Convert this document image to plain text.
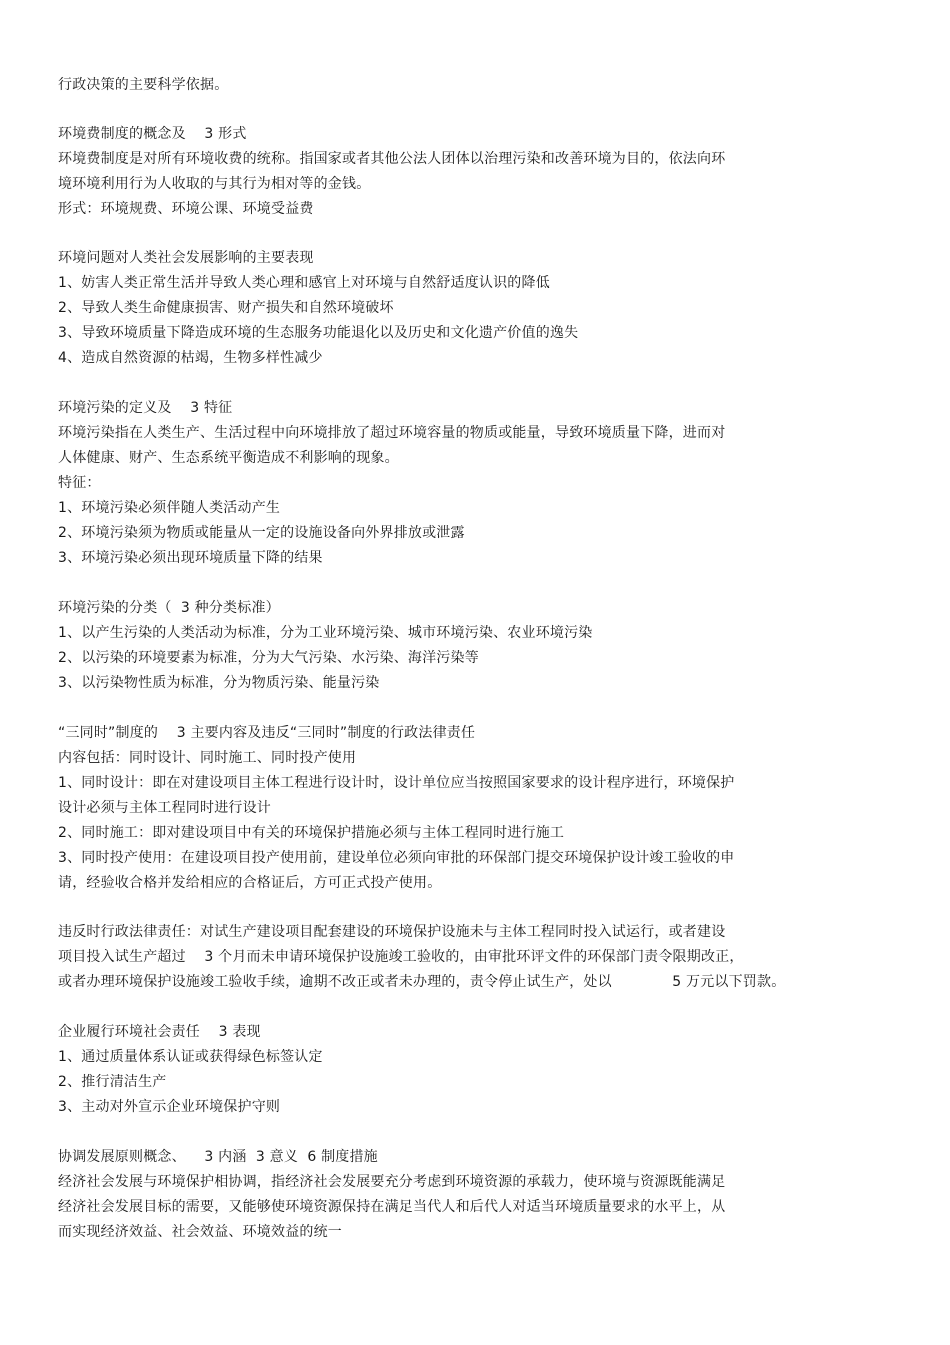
行政决策的主要科学依据。
环境费制度的概念及    3 形式
环境费制度是对所有环境收费的统称。指国家或者其他公法人团体以治理污染和改善环境为目的，依法向环
境环境利用行为人收取的与其行为相对等的金钱。
形式：环境规费、环境公课、环境受益费
环境问题对人类社会发展影响的主要表现
1、妨害人类正常生活并导致人类心理和感官上对环境与自然舒适度认识的降低
2、导致人类生命健康损害、财产损失和自然环境破坏
3、导致环境质量下降造成环境的生态服务功能退化以及历史和文化遗产价值的逸失
4、造成自然资源的枯竭，生物多样性减少
环境污染的定义及    3 特征
环境污染指在人类生产、生活过程中向环境排放了超过环境容量的物质或能量，导致环境质量下降，进而对
人体健康、财产、生态系统平衡造成不利影响的现象。
特征：
1、环境污染必须伴随人类活动产生
2、环境污染须为物质或能量从一定的设施设备向外界排放或泄露
3、环境污染必须出现环境质量下降的结果
环境污染的分类（  3 种分类标准）
1、以产生污染的人类活动为标准，分为工业环境污染、城市环境污染、农业环境污染
2、以污染的环境要素为标准，分为大气污染、水污染、海洋污染等
3、以污染物性质为标准，分为物质污染、能量污染
“三同时”制度的    3 主要内容及违反“三同时”制度的行政法律责任
内容包括：同时设计、同时施工、同时投产使用
1、同时设计：即在对建设项目主体工程进行设计时，设计单位应当按照国家要求的设计程序进行，环境保护
设计必须与主体工程同时进行设计
2、同时施工：即对建设项目中有关的环境保护措施必须与主体工程同时进行施工
3、同时投产使用：在建设项目投产使用前，建设单位必须向审批的环保部门提交环境保护设计竣工验收的申
请，经验收合格并发给相应的合格证后，方可正式投产使用。
违反时行政法律责任：对试生产建设项目配套建设的环境保护设施未与主体工程同时投入试运行，或者建设
项目投入试生产超过    3 个月而未申请环境保护设施竣工验收的，由审批环评文件的环保部门责令限期改正，
或者办理环境保护设施竣工验收手续，逾期不改正或者未办理的，责令停止试生产，处以             5 万元以下罚款。
企业履行环境社会责任    3 表现
1、通过质量体系认证或获得绿色标签认定
2、推行清洁生产
3、主动对外宣示企业环境保护守则
协调发展原则概念、    3 内涵  3 意义  6 制度措施
经济社会发展与环境保护相协调，指经济社会发展要充分考虑到环境资源的承载力，使环境与资源既能满足
经济社会发展目标的需要，又能够使环境资源保持在满足当代人和后代人对适当环境质量要求的水平上，从
而实现经济效益、社会效益、环境效益的统一
